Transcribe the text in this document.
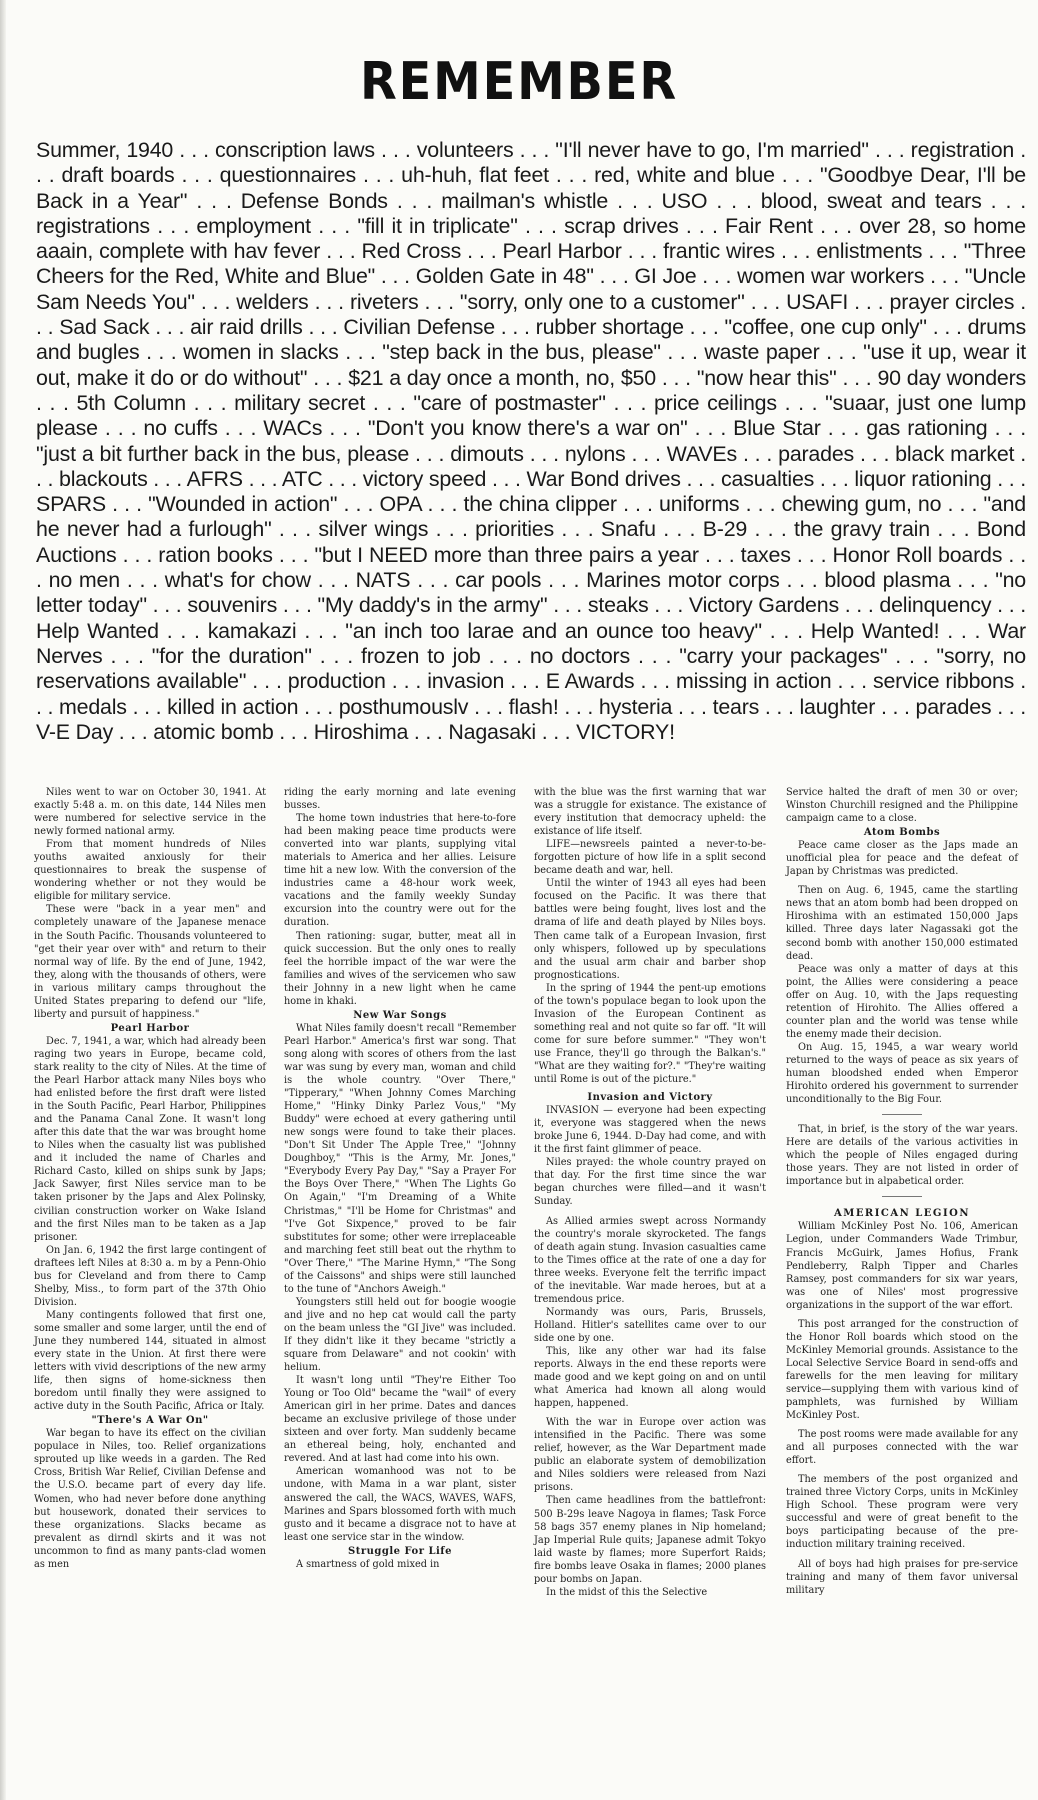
REMEMBER
Summer, 1940 . . . conscription laws . . . volunteers . . . "I'll never have to go, I'm married" . . . registration . . . draft boards . . . questionnaires . . . uh-huh, flat feet . . . red, white and blue . . . "Goodbye Dear, I'll be Back in a Year" . . . Defense Bonds . . . mailman's whistle . . . USO . . . blood, sweat and tears . . . registrations . . . employment . . . "fill it in triplicate" . . . scrap drives . . . Fair Rent . . . over 28, so home aaain, complete with hav fever . . . Red Cross . . . Pearl Harbor . . . frantic wires . . . enlistments . . . "Three Cheers for the Red, White and Blue" . . . Golden Gate in 48" . . . GI Joe . . . women war workers . . . "Uncle Sam Needs You" . . . welders . . . riveters . . . "sorry, only one to a customer" . . . USAFI . . . prayer circles . . . Sad Sack . . . air raid drills . . . Civilian Defense . . . rubber shortage . . . "coffee, one cup only" . . . drums and bugles . . . women in slacks . . . "step back in the bus, please" . . . waste paper . . . "use it up, wear it out, make it do or do without" . . . $21 a day once a month, no, $50 . . . "now hear this" . . . 90 day wonders . . . 5th Column . . . military secret . . . "care of postmaster" . . . price ceilings . . . "suaar, just one lump please . . . no cuffs . . . WACs . . . "Don't you know there's a war on" . . . Blue Star . . . gas rationing . . . "just a bit further back in the bus, please . . . dimouts . . . nylons . . . WAVEs . . . parades . . . black market . . . blackouts . . . AFRS . . . ATC . . . victory speed . . . War Bond drives . . . casualties . . . liquor rationing . . . SPARS . . . "Wounded in action" . . . OPA . . . the china clipper . . . uniforms . . . chewing gum, no . . . "and he never had a furlough" . . . silver wings . . . priorities . . . Snafu . . . B-29 . . . the gravy train . . . Bond Auctions . . . ration books . . . "but I NEED more than three pairs a year . . . taxes . . . Honor Roll boards . . . no men . . . what's for chow . . . NATS . . . car pools . . . Marines motor corps . . . blood plasma . . . "no letter today" . . . souvenirs . . . "My daddy's in the army" . . . steaks . . . Victory Gardens . . . delinquency . . . Help Wanted . . . kamakazi . . . "an inch too laraе and an ounce too heavy" . . . Help Wanted! . . . War Nerves . . . "for the duration" . . . frozen to job . . . no doctors . . . "carry your packages" . . . "sorry, no reservations available" . . . production . . . invasion . . . E Awards . . . missing in action . . . service ribbons . . . medals . . . killed in action . . . posthumouslv . . . flash! . . . hysteria . . . tears . . . laughter . . . parades . . . V-E Day . . . atomic bomb . . . Hiroshima . . . Nagasaki . . . VICTORY!

Niles went to war on October 30, 1941. At exactly 5:48 a. m. on this date, 144 Niles men were numbered for selective service in the newly formed national army.

From that moment hundreds of Niles youths awaited anxiously for their questionnaires to break the suspense of wondering whether or not they would be eligible for military service.

These were "back in a year men" and completely unaware of the Japanese menace in the South Pacific. Thousands volunteered to "get their year over with" and return to their normal way of life. By the end of June, 1942, they, along with the thousands of others, were in various military camps throughout the United States preparing to defend our "life, liberty and pursuit of happiness."

Pearl Harbor

Dec. 7, 1941, a war, which had already been raging two years in Europe, became cold, stark reality to the city of Niles. At the time of the Pearl Harbor attack many Niles boys who had enlisted before the first draft were listed in the South Pacific, Pearl Harbor, Philippines and the Panama Canal Zone. It wasn't long after this date that the war was brought home to Niles when the casualty list was published and it included the name of Charles and Richard Casto, killed on ships sunk by Japs; Jack Sawyer, first Niles service man to be taken prisoner by the Japs and Alex Polinsky, civilian construction worker on Wake Island and the first Niles man to be taken as a Jap prisoner.

On Jan. 6, 1942 the first large contingent of draftees left Niles at 8:30 a. m by a Penn-Ohio bus for Cleveland and from there to Camp Shelby, Miss., to form part of the 37th Ohio Division.

Many contingents followed that first one, some smaller and some larger, until the end of June they numbered 144, situated in almost every state in the Union. At first there were letters with vivid descriptions of the new army life, then signs of home-sickness then boredom until finally they were assigned to active duty in the South Pacific, Africa or Italy.

"There's A War On"

War began to have its effect on the civilian populace in Niles, too. Relief organizations sprouted up like weeds in a garden. The Red Cross, British War Relief, Civilian Defense and the U.S.O. became part of every day life. Women, who had never before done anything but housework, donated their services to these organizations. Slacks became as prevalent as dirndl skirts and it was not uncommon to find as many pants-clad women as men

riding the early morning and late evening busses.

The home town industries that here-to-fore had been making peace time products were converted into war plants, supplying vital materials to America and her allies. Leisure time hit a new low. With the conversion of the industries came a 48-hour work week, vacations and the family weekly Sunday excursion into the country were out for the duration.

Then rationing: sugar, butter, meat all in quick succession. But the only ones to really feel the horrible impact of the war were the families and wives of the servicemen who saw their Johnny in a new light when he came home in khaki.

New War Songs

What Niles family doesn't recall "Remember Pearl Harbor." America's first war song. That song along with scores of others from the last war was sung by every man, woman and child is the whole country. "Over There," "Tipperary," "When Johnny Comes Marching Home," "Hinky Dinky Parlez Vous," "My Buddy" were echoed at every gathering until new songs were found to take their places. "Don't Sit Under The Apple Tree," "Johnny Doughboy," "This is the Army, Mr. Jones," "Everybody Every Pay Day," "Say a Prayer For the Boys Over There," "When The Lights Go On Again," "I'm Dreaming of a White Christmas," "I'll be Home for Christmas" and "I've Got Sixpence," proved to be fair substitutes for some; other were irreplaceable and marching feet still beat out the rhythm to "Over There," "The Marine Hymn," "The Song of the Caissons" and ships were still launched to the tune of "Anchors Aweigh."

Youngsters still held out for boogie woogie and jive and no hep cat would call the party on the beam unless the "GI Jive" was included. If they didn't like it they became "strictly a square from Delaware" and not cookin' with helium.

It wasn't long until "They're Either Too Young or Too Old" became the "wail" of every American girl in her prime. Dates and dances became an exclusive privilege of those under sixteen and over forty. Man suddenly became an ethereal being, holy, enchanted and revered. And at last had come into his own.

American womanhood was not to be undone, with Mama in a war plant, sister answered the call, the WACS, WAVES, WAFS, Marines and Spars blossomed forth with much gusto and it became a disgrace not to have at least one service star in the window.

Struggle For Life

A smartness of gold mixed in

with the blue was the first warning that war was a struggle for existance. The existance of every institution that democracy upheld: the existance of life itself.

LIFE—newsreels painted a never-to-be-forgotten picture of how life in a split second became death and war, hell.

Until the winter of 1943 all eyes had been focused on the Pacific. It was there that battles were being fought, lives lost and the drama of life and death played by Niles boys. Then came talk of a European Invasion, first only whispers, followed up by speculations and the usual arm chair and barber shop prognostications.

In the spring of 1944 the pent-up emotions of the town's populace began to look upon the Invasion of the European Continent as something real and not quite so far off. "It will come for sure before summer." "They won't use France, they'll go through the Balkan's." "What are they waiting for?." "They're waiting until Rome is out of the picture."

Invasion and Victory

INVASION — everyone had been expecting it, everyone was staggered when the news broke June 6, 1944. D-Day had come, and with it the first faint glimmer of peace.

Niles prayed: the whole country prayed on that day. For the first time since the war began churches were filled—and it wasn't Sunday.

As Allied armies swept across Normandy the country's morale skyrocketed. The fangs of death again stung. Invasion casualties came to the Times office at the rate of one a day for three weeks. Everyone felt the terrific impact of the inevitable. War made heroes, but at a tremendous price.

Normandy was ours, Paris, Brussels, Holland. Hitler's satellites came over to our side one by one.

This, like any other war had its false reports. Always in the end these reports were made good and we kept going on and on until what America had known all along would happen, happened.

With the war in Europe over action was intensified in the Pacific. There was some relief, however, as the War Department made public an elaborate system of demobilization and Niles soldiers were released from Nazi prisons.

Then came headlines from the battlefront: 500 B-29s leave Nagoya in flames; Task Force 58 bags 357 enemy planes in Nip homeland; Jap Imperial Rule quits; Japanese admit Tokyo laid waste by flames; more Superfort Raids; fire bombs leave Osaka in flames; 2000 planes pour bombs on Japan.

In the midst of this the Selective

Service halted the draft of men 30 or over; Winston Churchill resigned and the Philippine campaign came to a close.

Atom Bombs

Peace came closer as the Japs made an unofficial plea for peace and the defeat of Japan by Christmas was predicted.

Then on Aug. 6, 1945, came the startling news that an atom bomb had been dropped on Hiroshima with an estimated 150,000 Japs killed. Three days later Nagassaki got the second bomb with another 150,000 estimated dead.

Peace was only a matter of days at this point, the Allies were considering a peace offer on Aug. 10, with the Japs requesting retention of Hirohito. The Allies offered a counter plan and the world was tense while the enemy made their decision.

On Aug. 15, 1945, a war weary world returned to the ways of peace as six years of human bloodshed ended when Emperor Hirohito ordered his government to surrender unconditionally to the Big Four.

That, in brief, is the story of the war years. Here are details of the various activities in which the people of Niles engaged during those years. They are not listed in order of importance but in alpabetical order.

AMERICAN LEGION

William McKinley Post No. 106, American Legion, under Commanders Wade Trimbur, Francis McGuirk, James Hofius, Frank Pendleberry, Ralph Tipper and Charles Ramsey, post commanders for six war years, was one of Niles' most progressive organizations in the support of the war effort.

This post arranged for the construction of the Honor Roll boards which stood on the McKinley Memorial grounds. Assistance to the Local Selective Service Board in send-offs and farewells for the men leaving for military service—supplying them with various kind of pamphlets, was furnished by William McKinley Post.

The post rooms were made available for any and all purposes connected with the war effort.

The members of the post organized and trained three Victory Corps, units in McKinley High School. These program were very successful and were of great benefit to the boys participating because of the pre-induction military training received.

All of boys had high praises for pre-service training and many of them favor universal military
